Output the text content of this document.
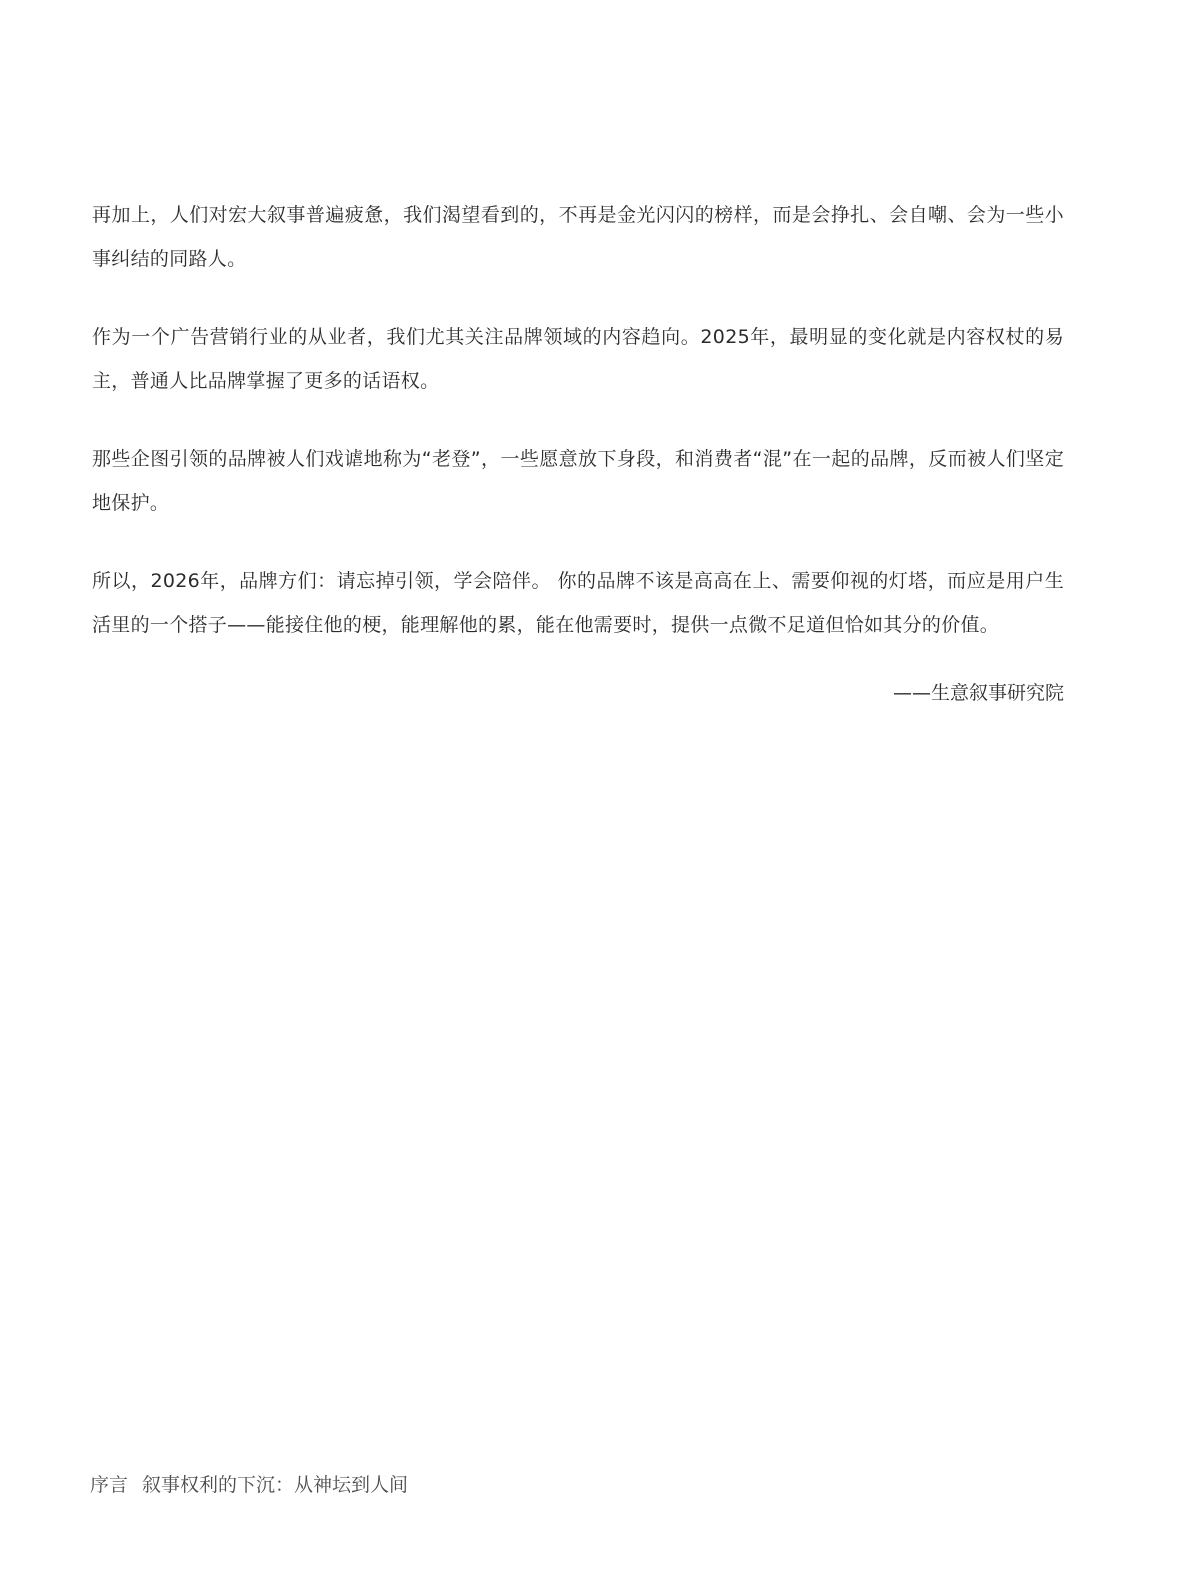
再加上，人们对宏大叙事普遍疲惫，我们渴望看到的，不再是金光闪闪的榜样，而是会挣扎、会自嘲、会为一些小事纠结的同路人。

作为一个广告营销行业的从业者，我们尤其关注品牌领域的内容趋向。2025年，最明显的变化就是内容权杖的易主，普通人比品牌掌握了更多的话语权。

那些企图引领的品牌被人们戏谑地称为“老登”，一些愿意放下身段，和消费者“混”在一起的品牌，反而被人们坚定地保护。

所以，2026年，品牌方们：请忘掉引领，学会陪伴。 你的品牌不该是高高在上、需要仰视的灯塔，而应是用户生活里的一个搭子——能接住他的梗，能理解他的累，能在他需要时，提供一点微不足道但恰如其分的价值。

——生意叙事研究院
序言 叙事权利的下沉：从神坛到人间
